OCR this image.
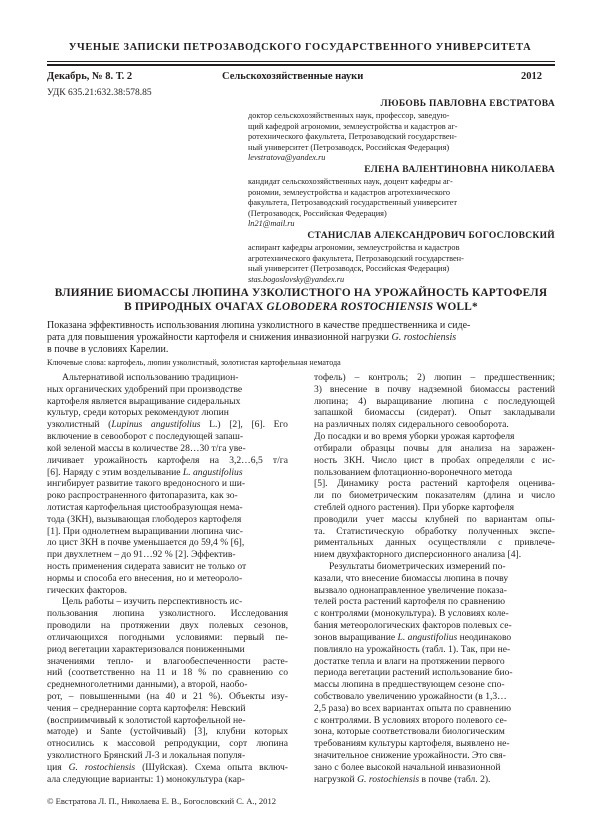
УЧЕНЫЕ ЗАПИСКИ ПЕТРОЗАВОДСКОГО ГОСУДАРСТВЕННОГО УНИВЕРСИТЕТА
Декабрь, № 8. Т. 2	Сельскохозяйственные науки	2012
УДК 635.21:632.38:578.85
ЛЮБОВЬ ПАВЛОВНА ЕВСТРАТОВА
доктор сельскохозяйственных наук, профессор, заведую-
щий кафедрой агрономии, землеустройства и кадастров аг-
ротехнического факультета, Петрозаводский государствен-
ный университет (Петрозаводск, Российская Федерация)
levstratova@yandex.ru
ЕЛЕНА ВАЛЕНТИНОВНА НИКОЛАЕВА
кандидат сельскохозяйственных наук, доцент кафедры аг-
рономии, землеустройства и кадастров агротехнического
факультета, Петрозаводский государственный университет
(Петрозаводск, Российская Федерация)
ln21@mail.ru
СТАНИСЛАВ АЛЕКСАНДРОВИЧ БОГОСЛОВСКИЙ
аспирант кафедры агрономии, землеустройства и кадастров
агротехнического факультета, Петрозаводский государствен-
ный университет (Петрозаводск, Российская Федерация)
stas.bogoslovsky@yandex.ru
ВЛИЯНИЕ БИОМАССЫ ЛЮПИНА УЗКОЛИСТНОГО НА УРОЖАЙНОСТЬ КАРТОФЕЛЯ
В ПРИРОДНЫХ ОЧАГАХ GLOBODERA ROSTOCHIENSIS WOLL*
Показана эффективность использования люпина узколистного в качестве предшественника и сиде-
рата для повышения урожайности картофеля и снижения инвазионной нагрузки G. rostochiensis
в почве в условиях Карелии.
Ключевые слова: картофель, люпин узколистный, золотистая картофельная нематода
Альтернативой использованию традицион-
ных органических удобрений при производстве
картофеля является выращивание сидеральных
культур, среди которых рекомендуют люпин
узколистный (Lupinus angustifolius L.) [2], [6]. Его
включение в севооборот с последующей запаш-
кой зеленой массы в количестве 28…30 т/га уве-
личивает урожайность картофеля на 3,2…6,5 т/га
[6]. Наряду с этим возделывание L. angustifolius
ингибирует развитие такого вредоносного и ши-
роко распространенного фитопаразита, как зо-
лотистая картофельная цистообразующая нема-
тода (ЗКН), вызывающая глободероз картофеля
[1]. При однолетнем выращивании люпина чис-
ло цист ЗКН в почве уменьшается до 59,4 % [6],
при двухлетнем – до 91…92 % [2]. Эффектив-
ность применения сидерата зависит не только от
нормы и способа его внесения, но и метеороло-
гических факторов.
Цель работы – изучить перспективность ис-
пользования люпина узколистного. Исследования
проводили на протяжении двух полевых сезонов,
отличающихся погодными условиями: первый пе-
риод вегетации характеризовался пониженными
значениями тепло- и влагообеспеченности расте-
ний (соответственно на 11 и 18 % по сравнению со
среднемноголетними данными), а второй, наобо-
рот, – повышенными (на 40 и 21 %). Объекты изу-
чения – среднеранние сорта картофеля: Невский
(восприимчивый к золотистой картофельной не-
матоде) и Sante (устойчивый) [3], клубни которых
относились к массовой репродукции, сорт люпина
узколистного Брянский Л-3 и локальная популя-
ция G. rostochiensis (Шуйская). Схема опыта включ-
ала следующие варианты: 1) монокультура (кар-
тофель) – контроль; 2) люпин – предшественник;
3) внесение в почву надземной биомассы растений
люпина; 4) выращивание люпина с последующей
запашкой биомассы (сидерат). Опыт закладывали
на различных полях сидерального севооборота.
До посадки и во время уборки урожая картофеля
отбирали образцы почвы для анализа на заражен-
ность ЗКН. Число цист в пробах определяли с ис-
пользованием флотационно-воронечного метода
[5]. Динамику роста растений картофеля оценива-
ли по биометрическим показателям (длина и число
стеблей одного растения). При уборке картофеля
проводили учет массы клубней по вариантам опы-
та. Статистическую обработку полученных экспе-
риментальных данных осуществляли с привлече-
нием двухфакторного дисперсионного анализа [4].
Результаты биометрических измерений по-
казали, что внесение биомассы люпина в почву
вызвало однонаправленное увеличение показа-
телей роста растений картофеля по сравнению
с контролями (монокультура). В условиях коле-
бания метеорологических факторов полевых се-
зонов выращивание L. angustifolius неодинаково
повлияло на урожайность (табл. 1). Так, при не-
достатке тепла и влаги на протяжении первого
периода вегетации растений использование био-
массы люпина в предшествующем сезоне спо-
собствовало увеличению урожайности (в 1,3…
2,5 раза) во всех вариантах опыта по сравнению
с контролями. В условиях второго полевого се-
зона, которые соответствовали биологическим
требованиям культуры картофеля, выявлено не-
значительное снижение урожайности. Это свя-
зано с более высокой начальной инвазионной
нагрузкой G. rostochiensis в почве (табл. 2).
© Евстратова Л. П., Николаева Е. В., Богословский С. А., 2012
